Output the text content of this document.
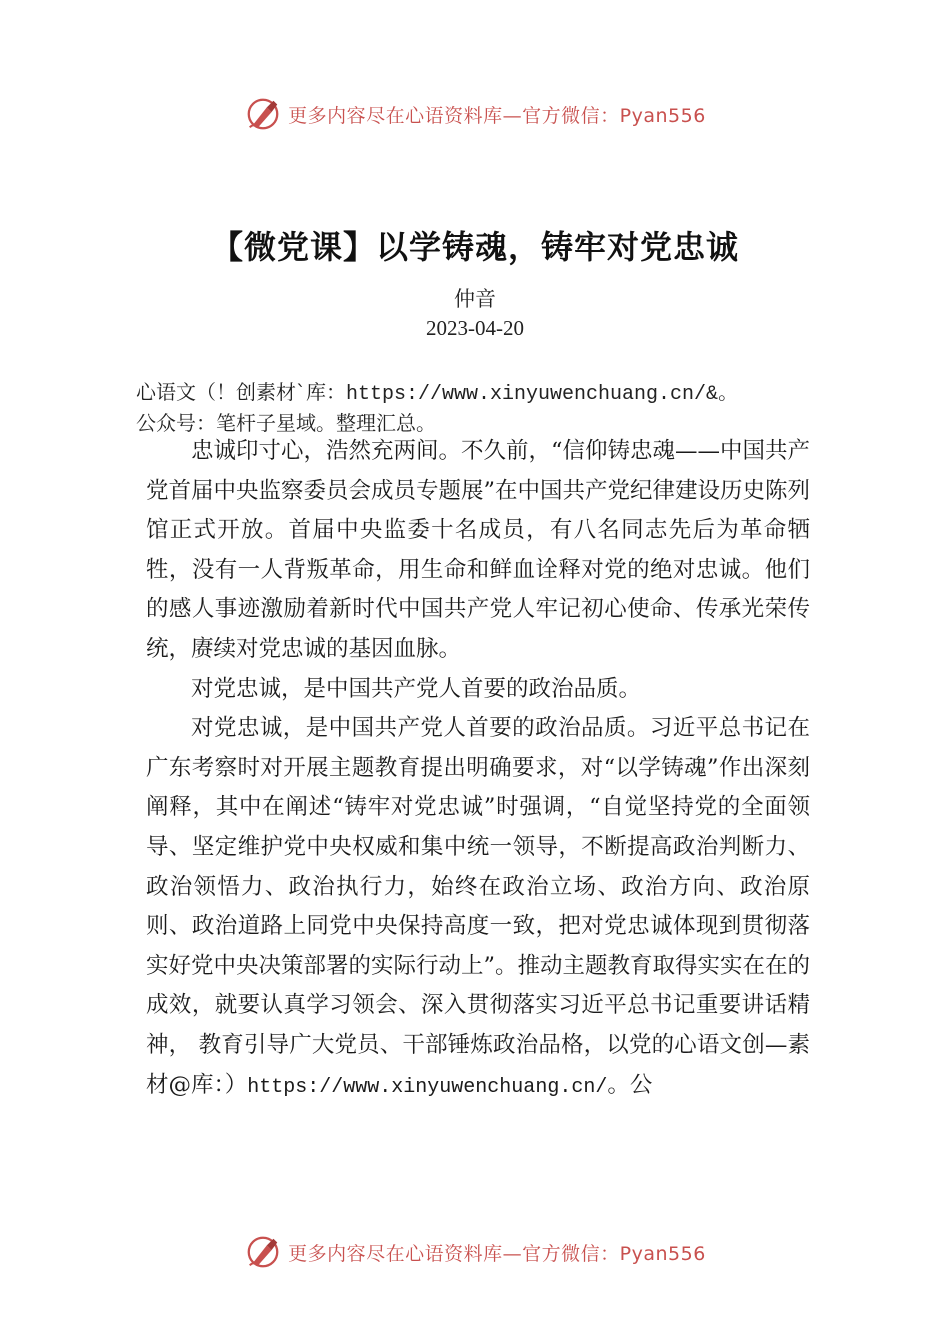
更多内容尽在心语资料库—官方微信：Pyan556
【微党课】以学铸魂，铸牢对党忠诚
仲音
2023-04-20
心语文（！创素材`库：https://www.xinyuwenchuang.cn/&。
公众号：笔杆子星域。整理汇总。

忠诚印寸心，浩然充两间。不久前，“信仰铸忠魂——中国共产党首届中央监察委员会成员专题展”在中国共产党纪律建设历史陈列馆正式开放。首届中央监委十名成员，有八名同志先后为革命牺牲，没有一人背叛革命，用生命和鲜血诠释对党的绝对忠诚。他们的感人事迹激励着新时代中国共产党人牢记初心使命、传承光荣传统，赓续对党忠诚的基因血脉。

对党忠诚，是中国共产党人首要的政治品质。

对党忠诚，是中国共产党人首要的政治品质。习近平总书记在广东考察时对开展主题教育提出明确要求，对“以学铸魂”作出深刻阐释，其中在阐述“铸牢对党忠诚”时强调，“自觉坚持党的全面领导、坚定维护党中央权威和集中统一领导，不断提高政治判断力、政治领悟力、政治执行力，始终在政治立场、政治方向、政治原则、政治道路上同党中央保持高度一致，把对党忠诚体现到贯彻落实好党中央决策部署的实际行动上”。推动主题教育取得实实在在的成效，就要认真学习领会、深入贯彻落实习近平总书记重要讲话精神， 教育引导广大党员、干部锤炼政治品格，以党的心语文创—素材@库：）https://www.xinyuwenchuang.cn/。公

更多内容尽在心语资料库—官方微信：Pyan556
